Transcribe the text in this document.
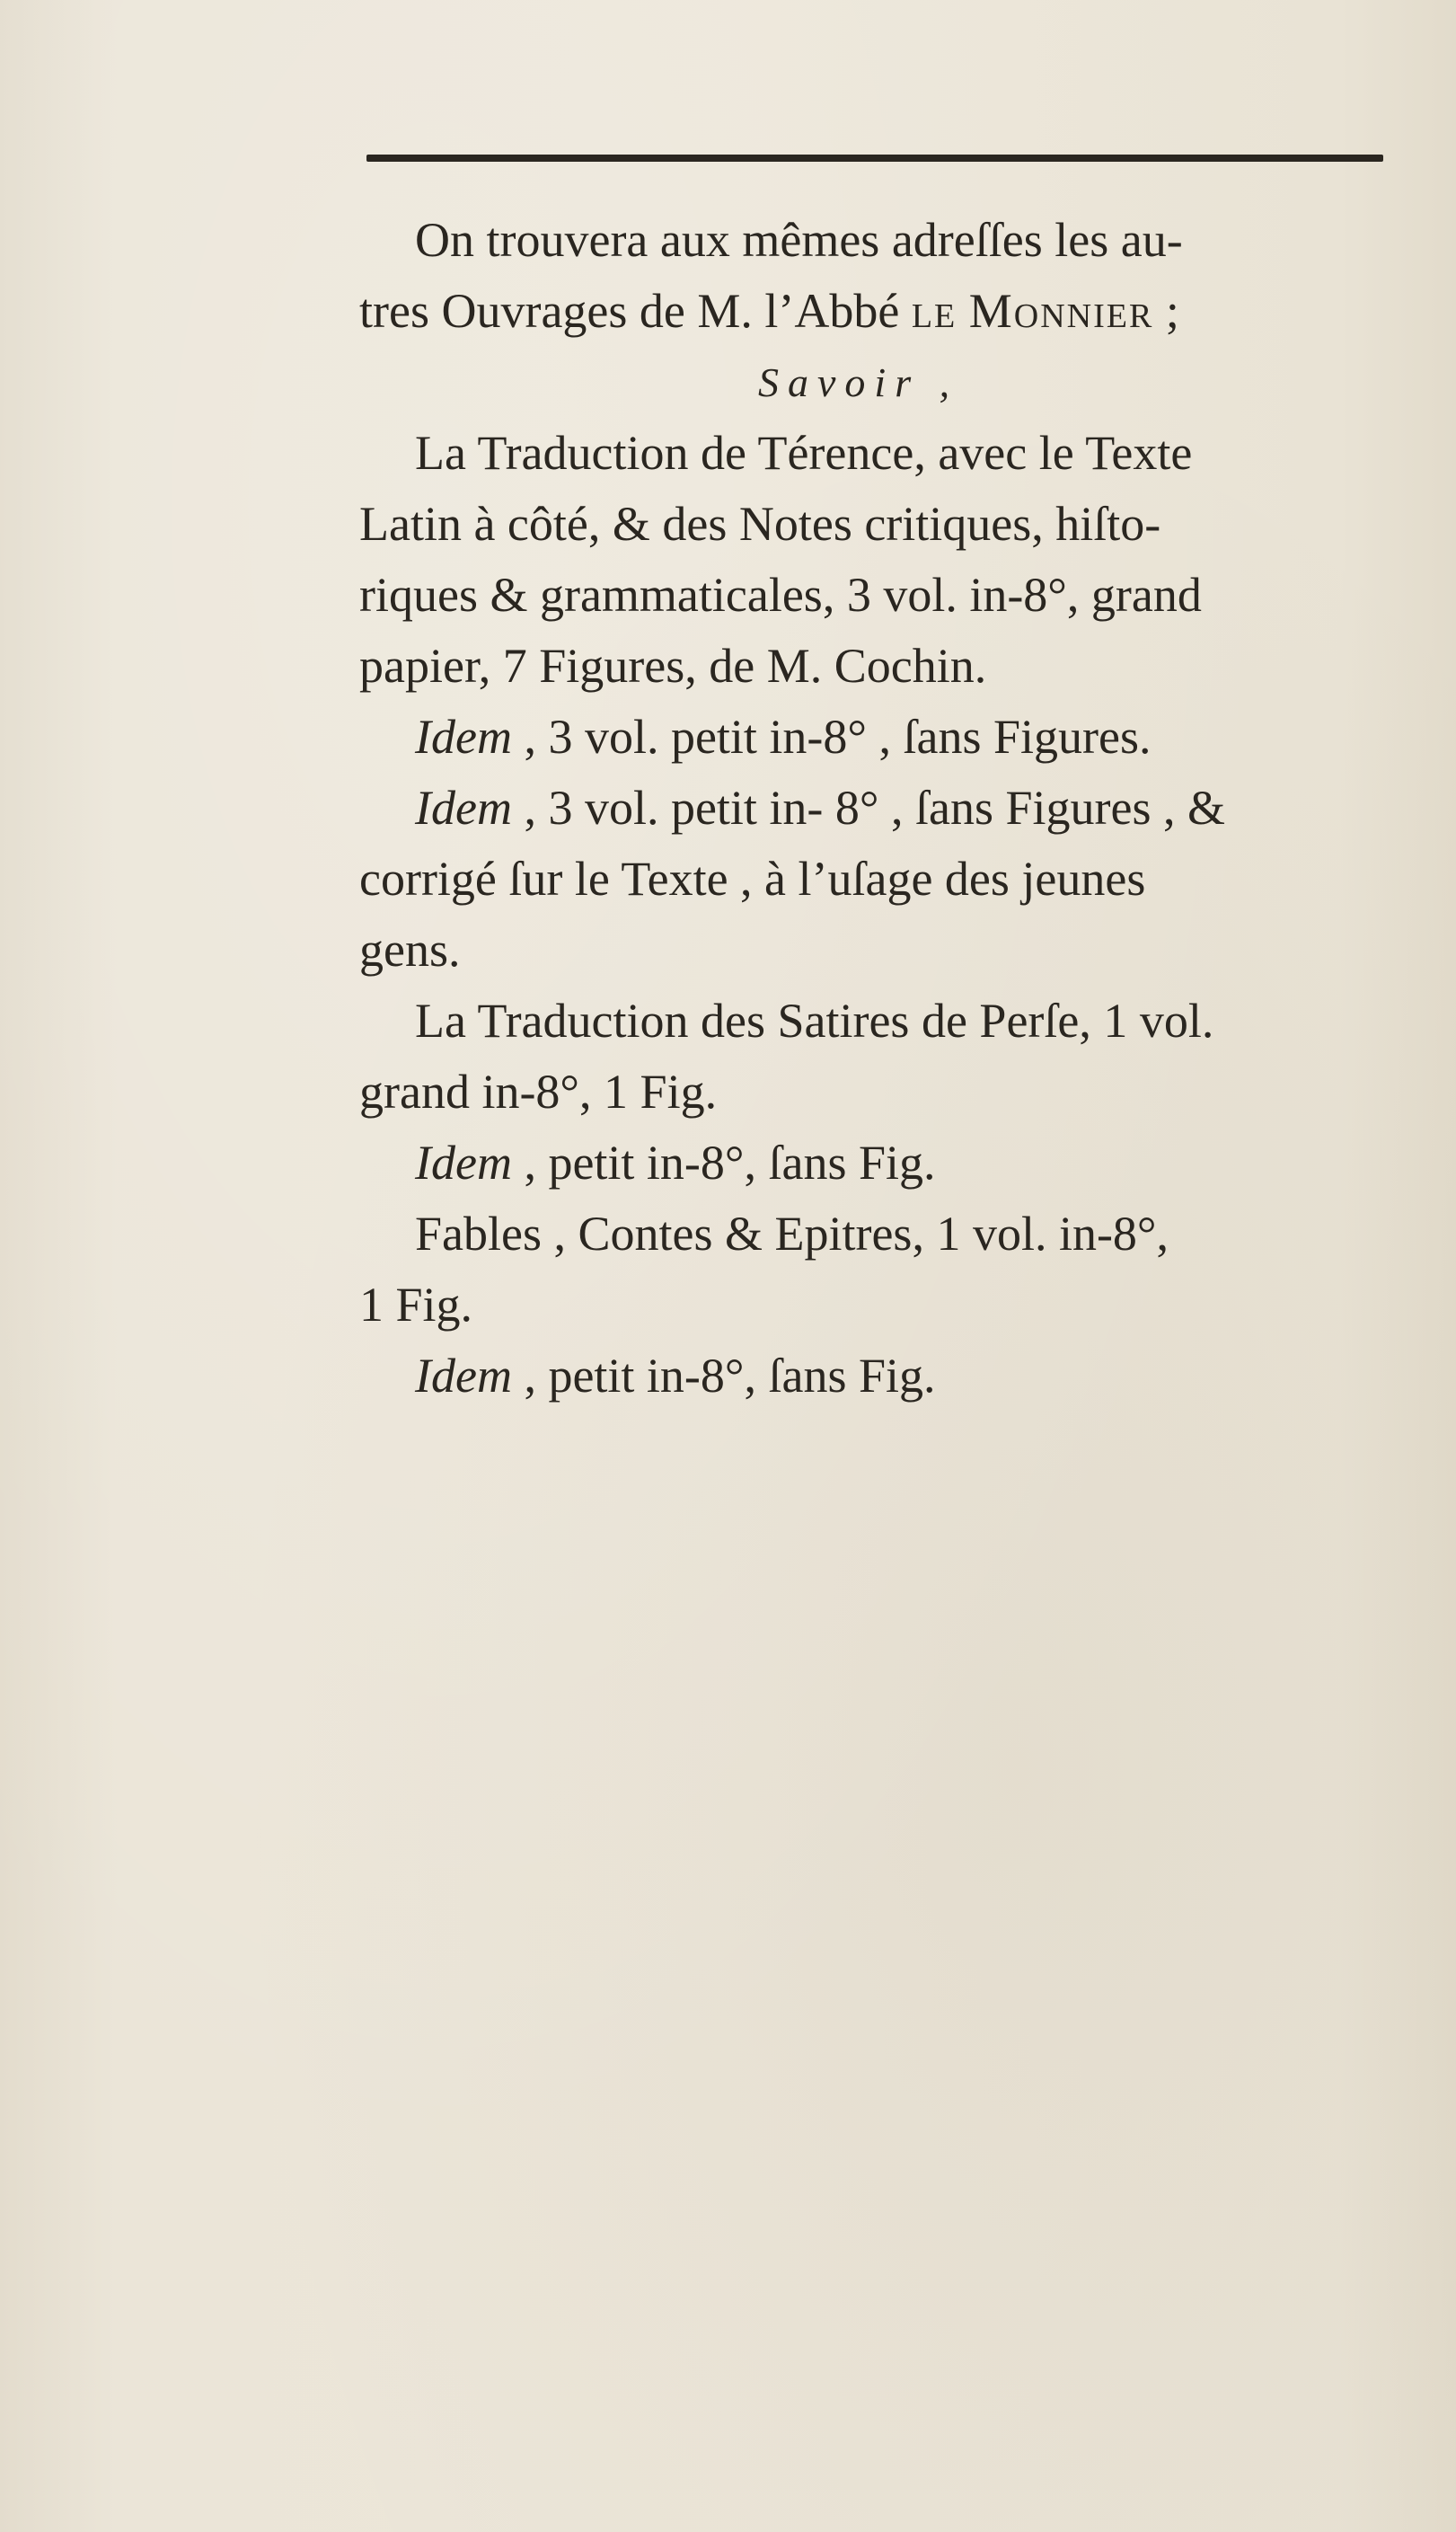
On trouvera aux mêmes adreſſes les au-
tres Ouvrages de M. l’Abbé le Monnier ;
Savoir ,
La Traduction de Térence, avec le Texte
Latin à côté, & des Notes critiques, hiſto-
riques & grammaticales, 3 vol. in-8°, grand
papier, 7 Figures, de M. Cochin.
Idem , 3 vol. petit in-8° , ſans Figures.
Idem , 3 vol. petit in- 8° , ſans Figures , &
corrigé ſur le Texte , à l’uſage des jeunes
gens.
La Traduction des Satires de Perſe, 1 vol.
grand in-8°, 1 Fig.
Idem , petit in-8°, ſans Fig.
Fables , Contes & Epitres, 1 vol. in-8°,
1 Fig.
Idem , petit in-8°, ſans Fig.
